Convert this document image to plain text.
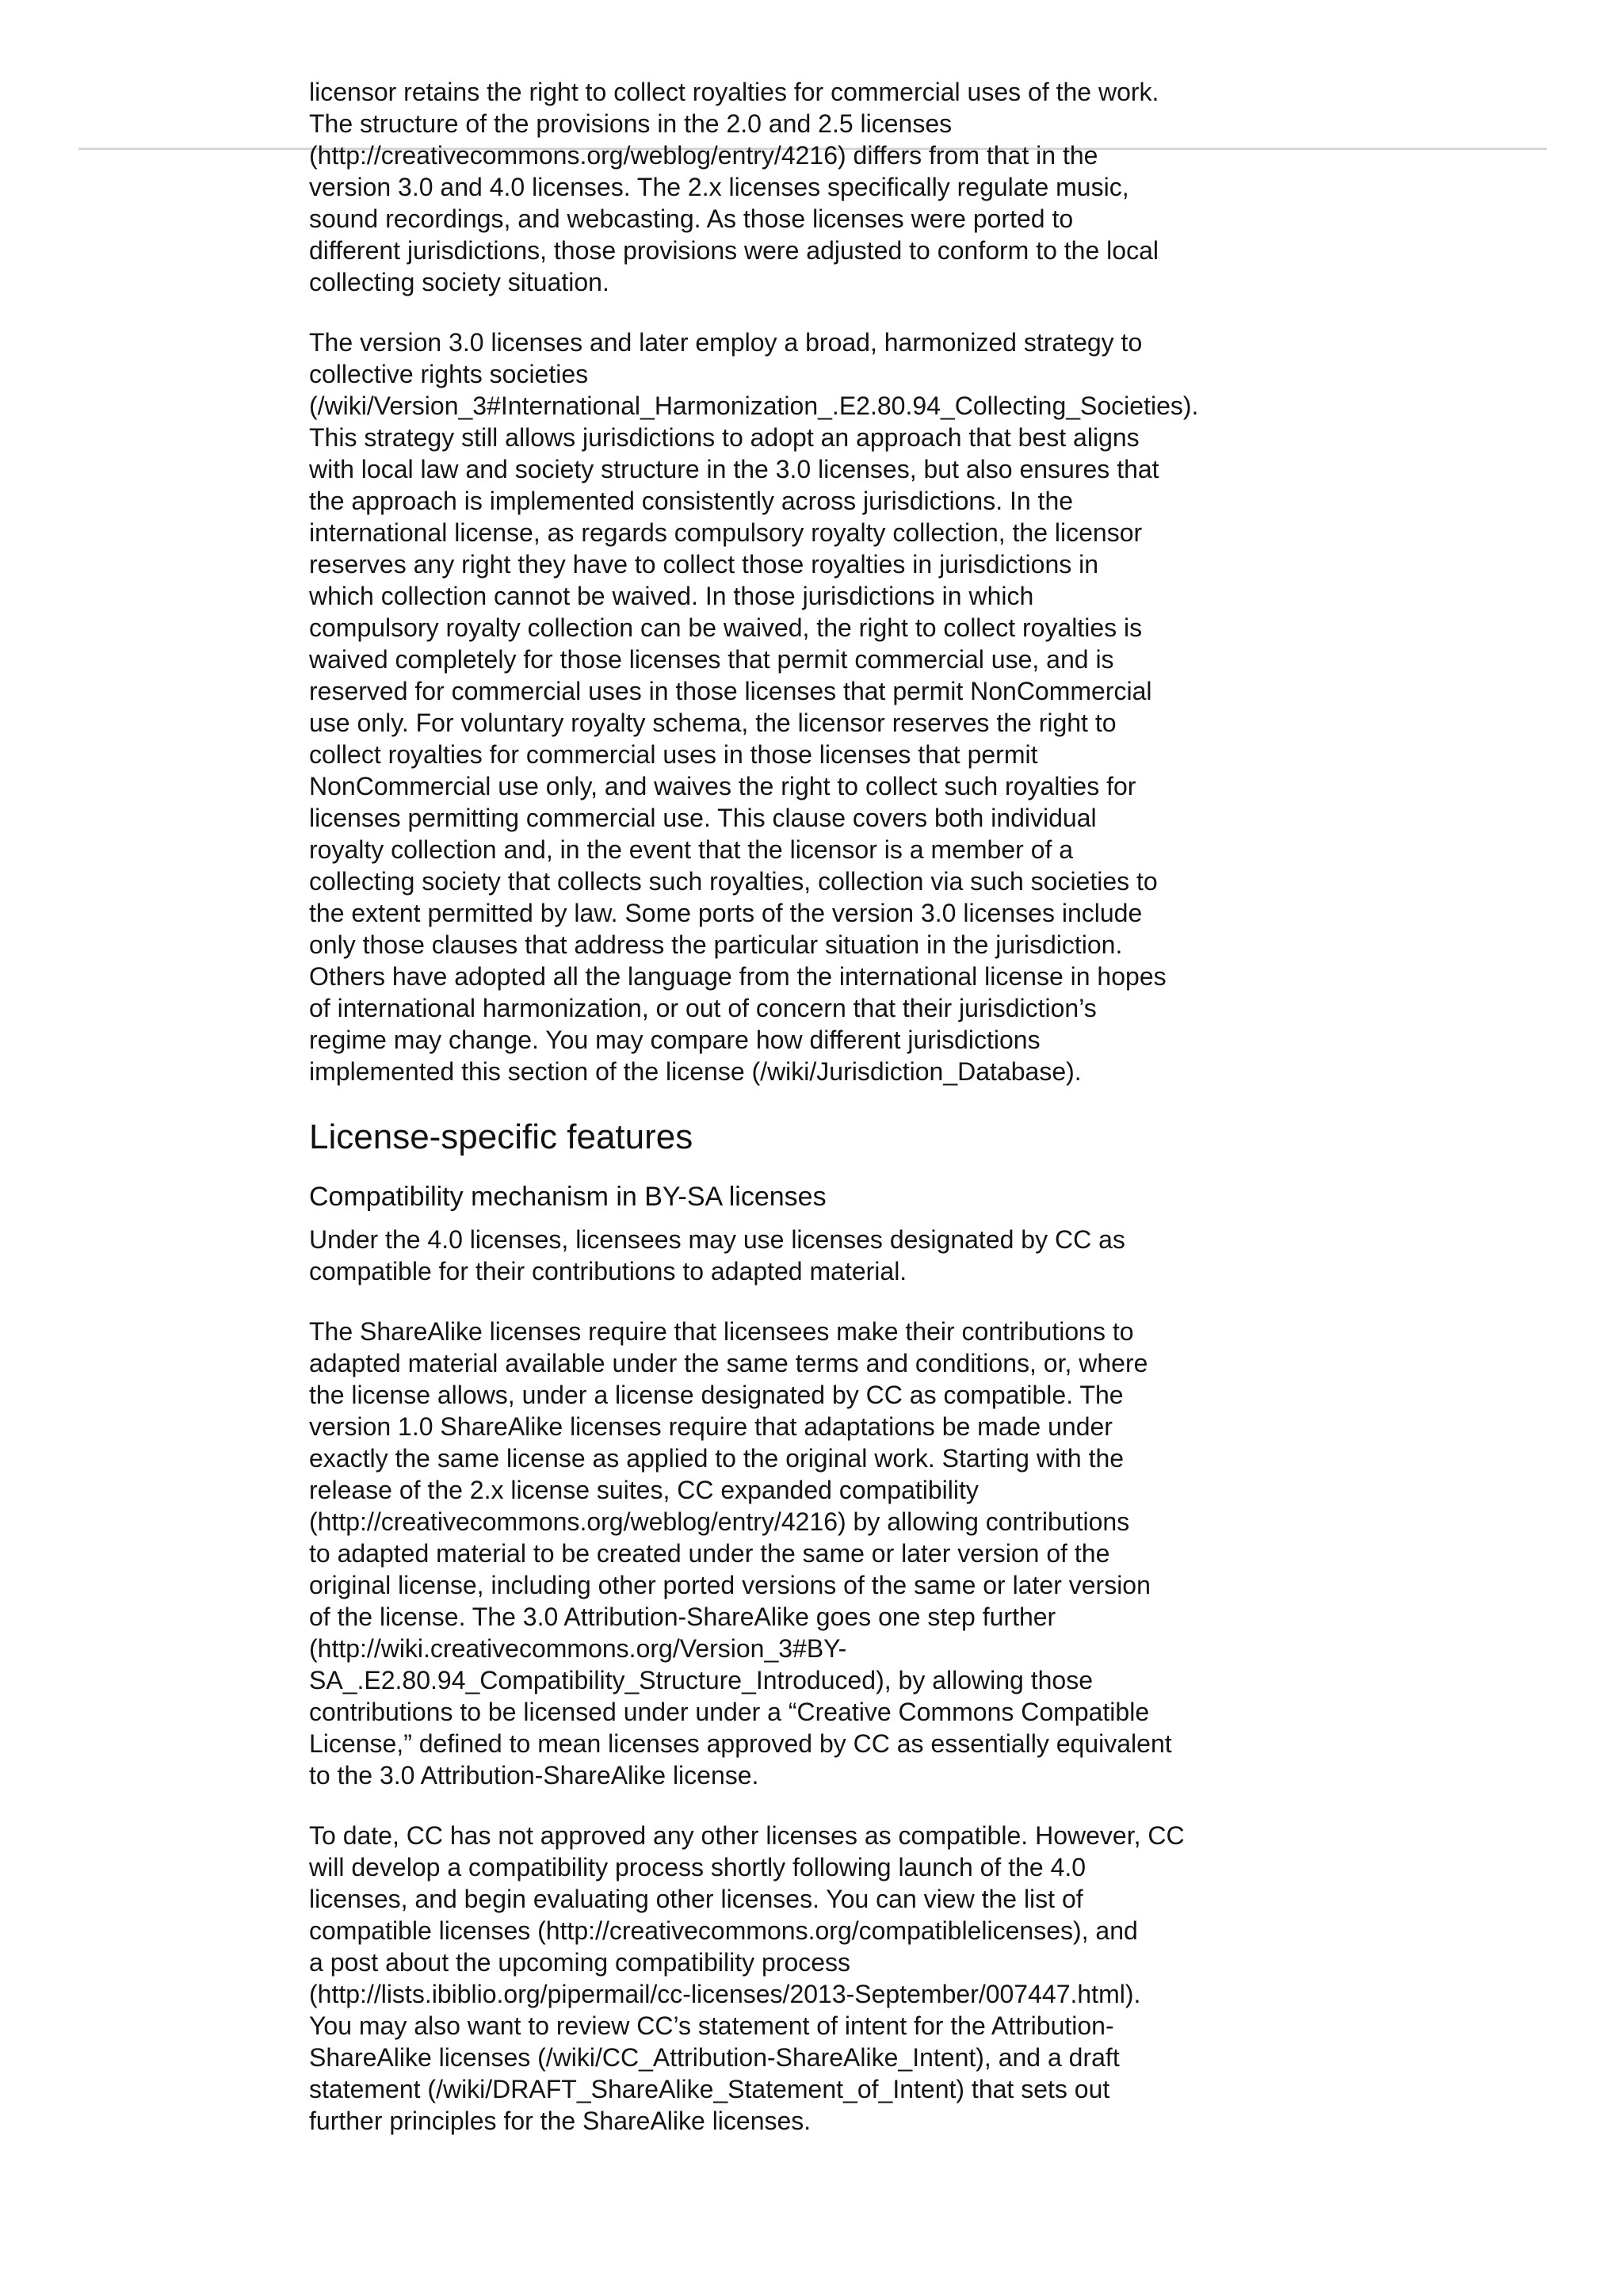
licensor retains the right to collect royalties for commercial uses of the work.
The structure of the provisions in the 2.0 and 2.5 licenses
(http://creativecommons.org/weblog/entry/4216) differs from that in the
version 3.0 and 4.0 licenses. The 2.x licenses specifically regulate music,
sound recordings, and webcasting. As those licenses were ported to
different jurisdictions, those provisions were adjusted to conform to the local
collecting society situation.
The version 3.0 licenses and later employ a broad, harmonized strategy to
collective rights societies
(/wiki/Version_3#International_Harmonization_.E2.80.94_Collecting_Societies).
This strategy still allows jurisdictions to adopt an approach that best aligns
with local law and society structure in the 3.0 licenses, but also ensures that
the approach is implemented consistently across jurisdictions. In the
international license, as regards compulsory royalty collection, the licensor
reserves any right they have to collect those royalties in jurisdictions in
which collection cannot be waived. In those jurisdictions in which
compulsory royalty collection can be waived, the right to collect royalties is
waived completely for those licenses that permit commercial use, and is
reserved for commercial uses in those licenses that permit NonCommercial
use only. For voluntary royalty schema, the licensor reserves the right to
collect royalties for commercial uses in those licenses that permit
NonCommercial use only, and waives the right to collect such royalties for
licenses permitting commercial use. This clause covers both individual
royalty collection and, in the event that the licensor is a member of a
collecting society that collects such royalties, collection via such societies to
the extent permitted by law. Some ports of the version 3.0 licenses include
only those clauses that address the particular situation in the jurisdiction.
Others have adopted all the language from the international license in hopes
of international harmonization, or out of concern that their jurisdiction’s
regime may change. You may compare how different jurisdictions
implemented this section of the license (/wiki/Jurisdiction_Database).
License-specific features
Compatibility mechanism in BY-SA licenses
Under the 4.0 licenses, licensees may use licenses designated by CC as
compatible for their contributions to adapted material.
The ShareAlike licenses require that licensees make their contributions to
adapted material available under the same terms and conditions, or, where
the license allows, under a license designated by CC as compatible. The
version 1.0 ShareAlike licenses require that adaptations be made under
exactly the same license as applied to the original work. Starting with the
release of the 2.x license suites, CC expanded compatibility
(http://creativecommons.org/weblog/entry/4216) by allowing contributions
to adapted material to be created under the same or later version of the
original license, including other ported versions of the same or later version
of the license. The 3.0 Attribution-ShareAlike goes one step further
(http://wiki.creativecommons.org/Version_3#BY-
SA_.E2.80.94_Compatibility_Structure_Introduced), by allowing those
contributions to be licensed under under a “Creative Commons Compatible
License,” defined to mean licenses approved by CC as essentially equivalent
to the 3.0 Attribution-ShareAlike license.
To date, CC has not approved any other licenses as compatible. However, CC
will develop a compatibility process shortly following launch of the 4.0
licenses, and begin evaluating other licenses. You can view the list of
compatible licenses (http://creativecommons.org/compatiblelicenses), and
a post about the upcoming compatibility process
(http://lists.ibiblio.org/pipermail/cc-licenses/2013-September/007447.html).
You may also want to review CC’s statement of intent for the Attribution-
ShareAlike licenses (/wiki/CC_Attribution-ShareAlike_Intent), and a draft
statement (/wiki/DRAFT_ShareAlike_Statement_of_Intent) that sets out
further principles for the ShareAlike licenses.
